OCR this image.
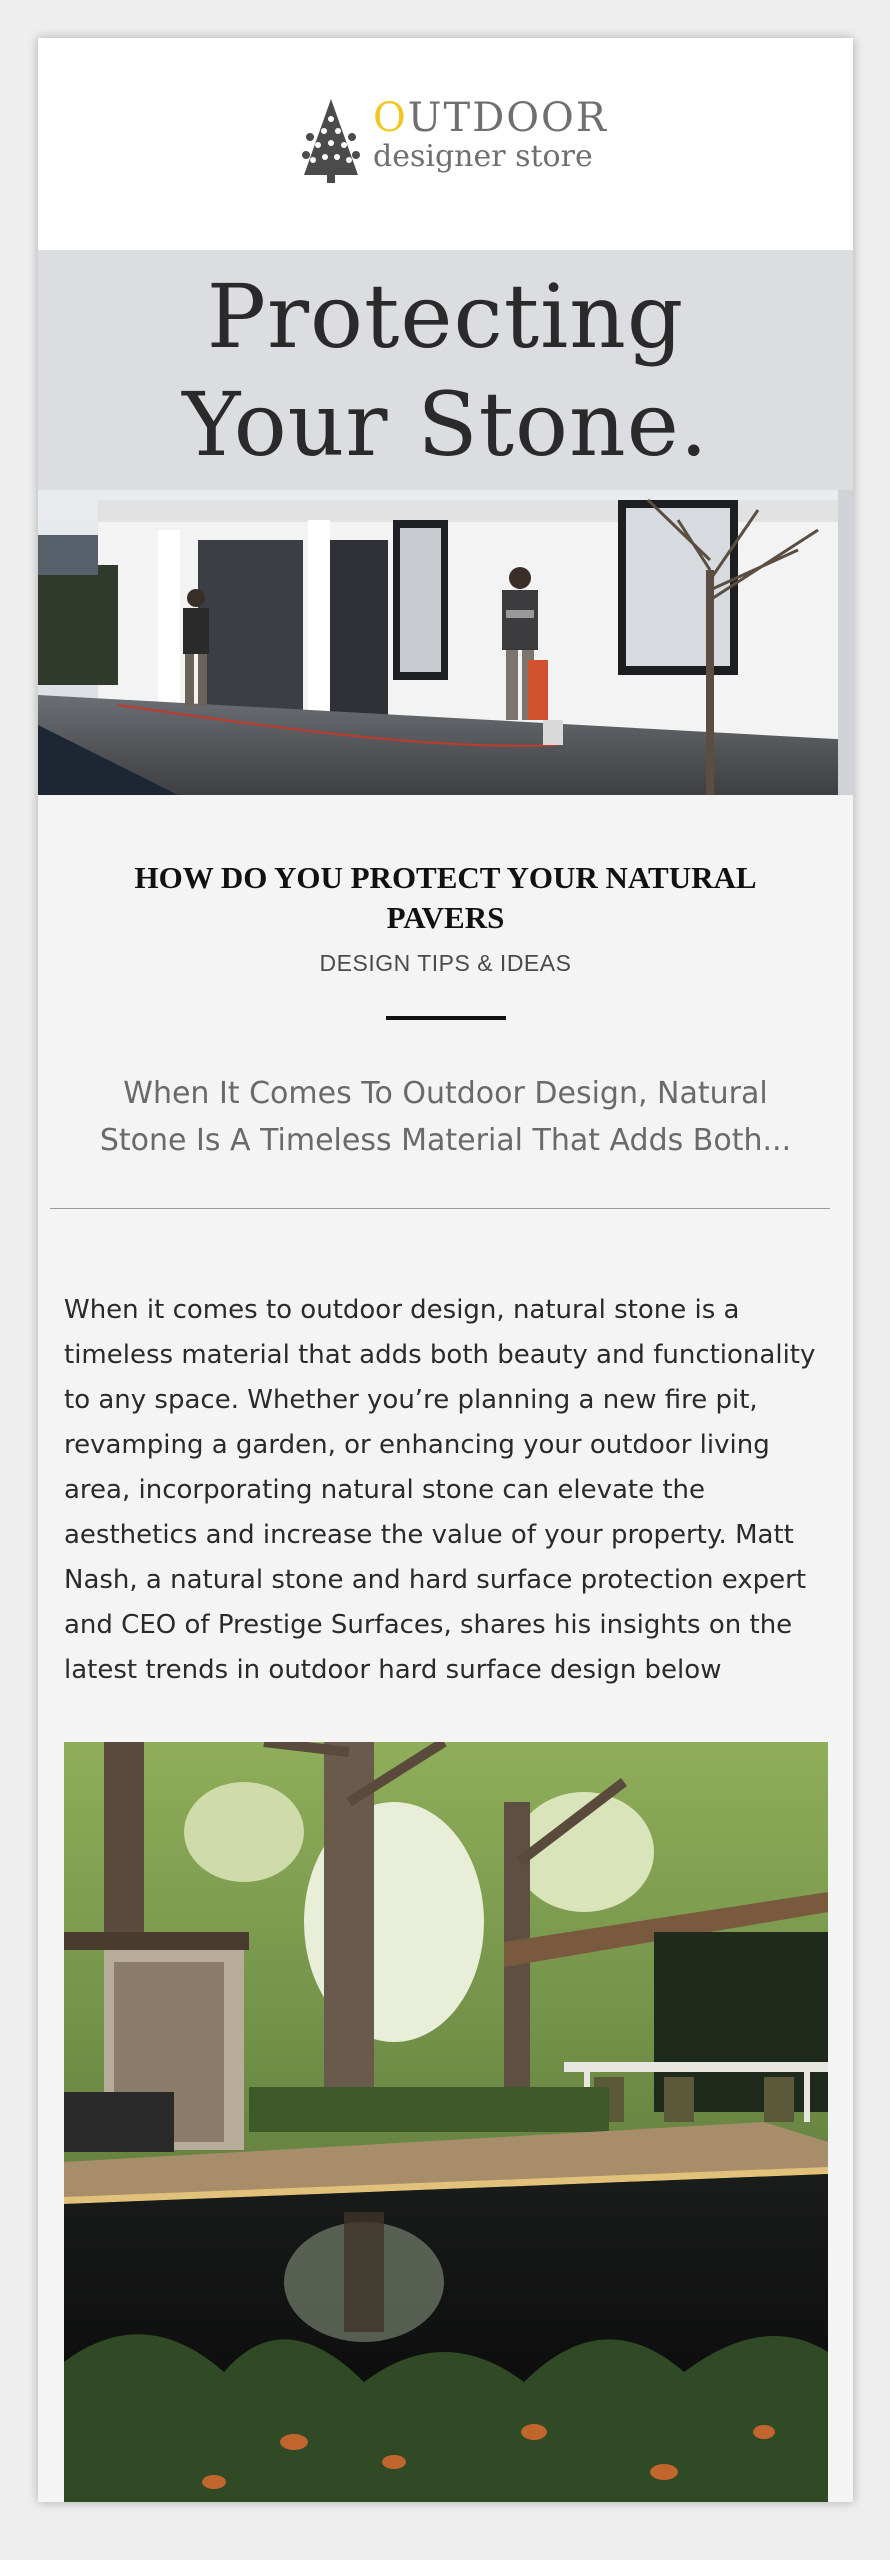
OUTDOOR
designer store
Protecting
Your Stone.
HOW DO YOU PROTECT YOUR NATURAL PAVERS
DESIGN TIPS & IDEAS
When It Comes To Outdoor Design, Natural Stone Is A Timeless Material That Adds Both...
When it comes to outdoor design, natural stone is a timeless material that adds both beauty and functionality to any space. Whether you’re planning a new fire pit, revamping a garden, or enhancing your outdoor living area, incorporating natural stone can elevate the aesthetics and increase the value of your property. Matt Nash, a natural stone and hard surface protection expert and CEO of Prestige Surfaces, shares his insights on the latest trends in outdoor hard surface design below
